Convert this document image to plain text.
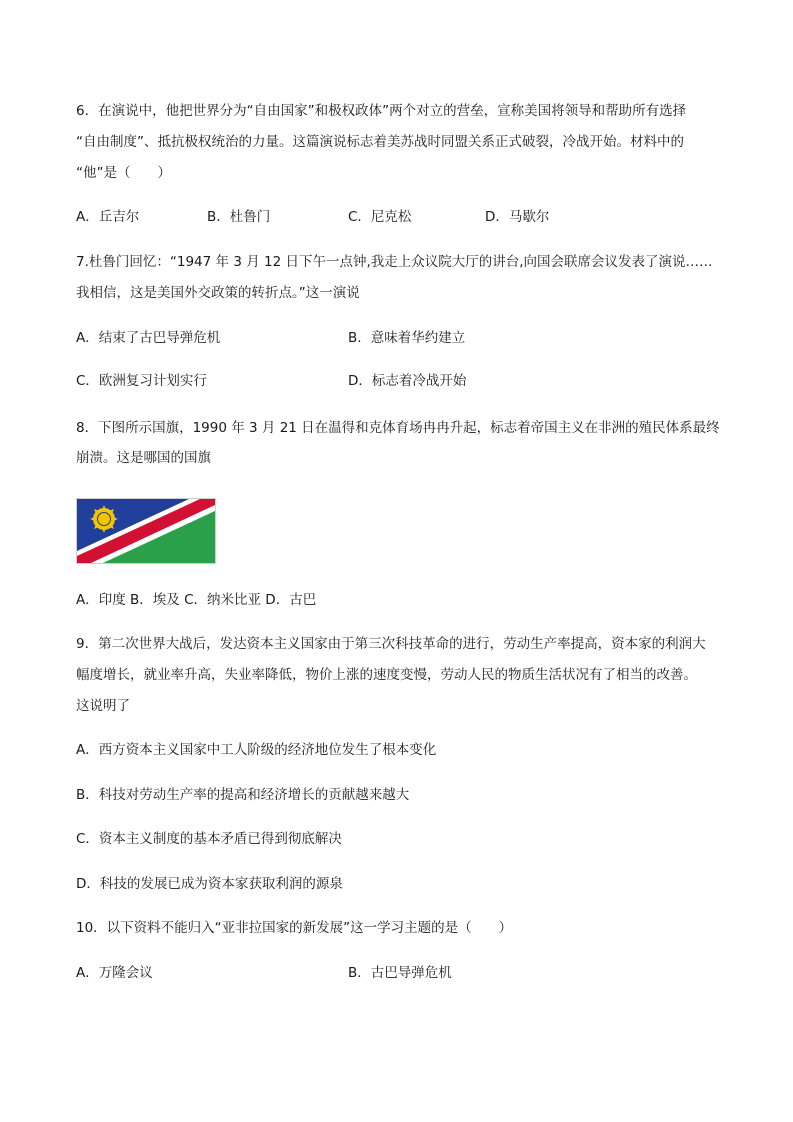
6．在演说中，他把世界分为“自由国家”和极权政体”两个对立的营垒，宣称美国将领导和帮助所有选择
“自由制度”、抵抗极权统治的力量。这篇演说标志着美苏战时同盟关系正式破裂，冷战开始。材料中的
“他”是（　　）
A．丘吉尔	B．杜鲁门	C．尼克松	D．马歇尔
7.杜鲁门回忆：“1947 年 3 月 12 日下午一点钟,我走上众议院大厅的讲台,向国会联席会议发表了演说……
我相信，这是美国外交政策的转折点。”这一演说
A．结束了古巴导弹危机	B．意味着华约建立
C．欧洲复习计划实行	D．标志着冷战开始
8．下图所示国旗，1990 年 3 月 21 日在温得和克体育场冉冉升起，标志着帝国主义在非洲的殖民体系最终
崩溃。这是哪国的国旗
A．印度 B．埃及 C．纳米比亚 D．古巴
9．第二次世界大战后，发达资本主义国家由于第三次科技革命的进行，劳动生产率提高，资本家的利润大
幅度增长，就业率升高，失业率降低，物价上涨的速度变慢，劳动人民的物质生活状况有了相当的改善。
这说明了
A．西方资本主义国家中工人阶级的经济地位发生了根本变化
B．科技对劳动生产率的提高和经济增长的贡献越来越大
C．资本主义制度的基本矛盾已得到彻底解决
D．科技的发展已成为资本家获取利润的源泉
10．以下资料不能归入“亚非拉国家的新发展”这一学习主题的是（　　）
A．万隆会议	B．古巴导弹危机
